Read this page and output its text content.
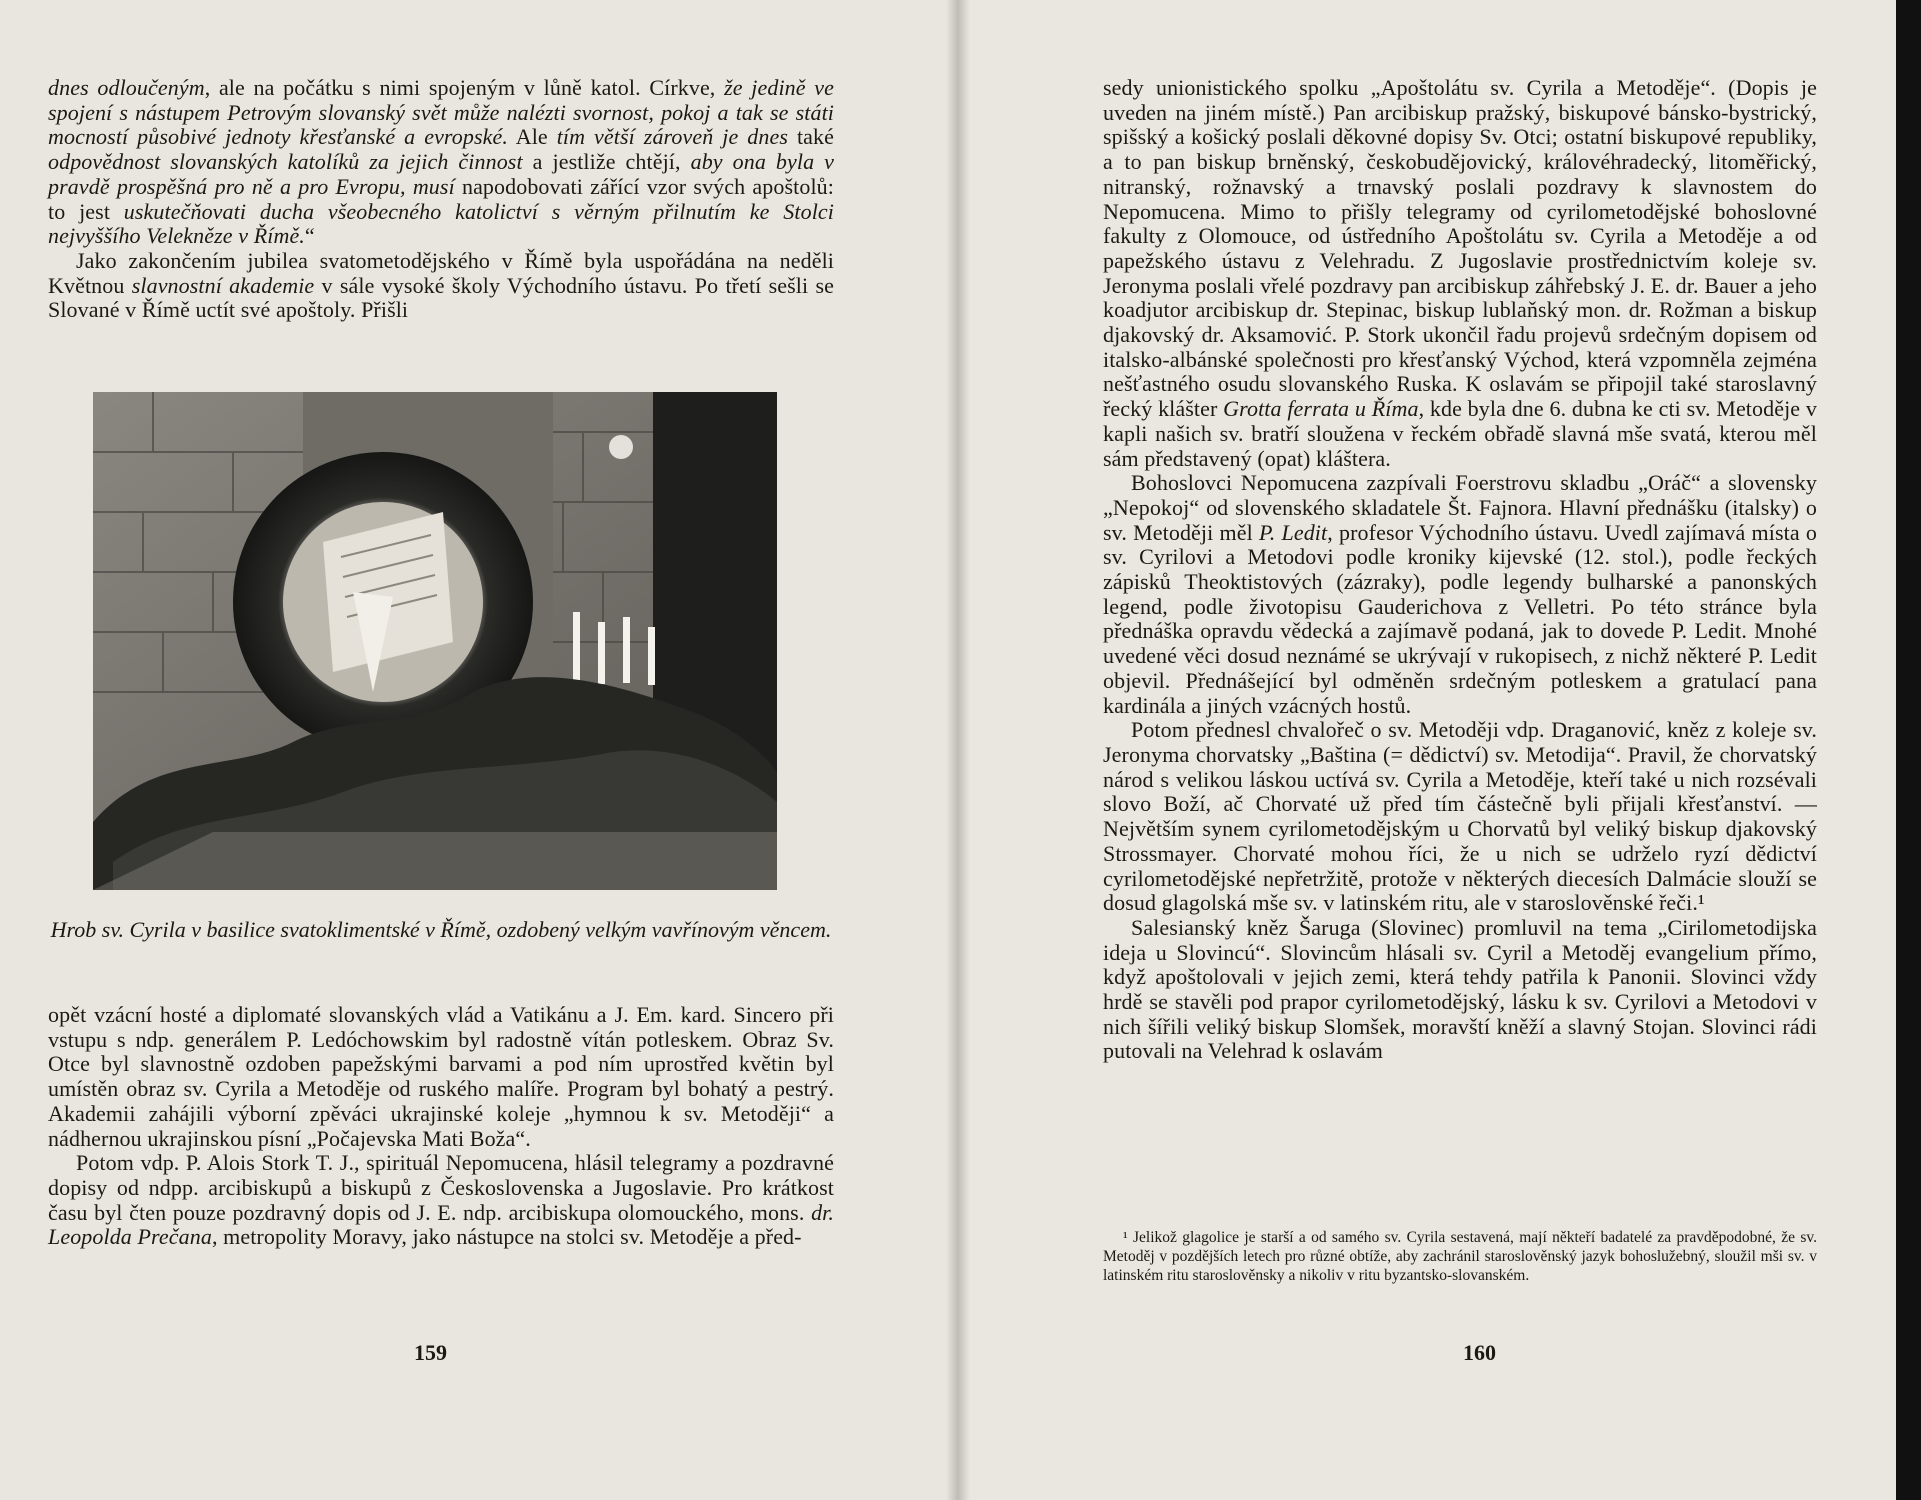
dnes odloučeným, ale na počátku s nimi spojeným v lůně katol. Církve, že jedině ve spojení s nástupem Petrovým slovanský svět může nalézti svornost, pokoj a tak se státi mocností působivé jednoty křesťanské a evropské. Ale tím větší zároveň je dnes také odpovědnost slovanských katolíků za jejich činnost a jestliže chtějí, aby ona byla v pravdě prospěšná pro ně a pro Evropu, musí napodobovati zářící vzor svých apoštolů: to jest uskutečňovati ducha všeobecného katolictví s věrným přilnutím ke Stolci nejvyššího Velekněze v Římě.“

Jako zakončením jubilea svatometodějského v Římě byla uspořádána na neděli Květnou slavnostní akademie v sále vysoké školy Východního ústavu. Po třetí sešli se Slované v Římě uctít své apoštoly. Přišli

Hrob sv. Cyrila v basilice svatoklimentské v Římě, ozdobený velkým vavřínovým věncem.

opět vzácní hosté a diplomaté slovanských vlád a Vatikánu a J. Em. kard. Sincero při vstupu s ndp. generálem P. Ledóchowskim byl radostně vítán potleskem. Obraz Sv. Otce byl slavnostně ozdoben papežskými barvami a pod ním uprostřed květin byl umístěn obraz sv. Cyrila a Metoděje od ruského malíře. Program byl bohatý a pestrý. Akademii zahájili výborní zpěváci ukrajinské koleje „hymnou k sv. Metoději“ a nádhernou ukrajinskou písní „Počajevska Mati Boža“.

Potom vdp. P. Alois Stork T. J., spirituál Nepomucena, hlásil telegramy a pozdravné dopisy od ndpp. arcibiskupů a biskupů z Československa a Jugoslavie. Pro krátkost času byl čten pouze pozdravný dopis od J. E. ndp. arcibiskupa olomouckého, mons. dr. Leopolda Prečana, metropolity Moravy, jako nástupce na stolci sv. Metoděje a před-

159

sedy unionistického spolku „Apoštolátu sv. Cyrila a Metoděje“. (Dopis je uveden na jiném místě.) Pan arcibiskup pražský, biskupové bánsko-bystrický, spišský a košický poslali děkovné dopisy Sv. Otci; ostatní biskupové republiky, a to pan biskup brněnský, českobudějovický, královéhradecký, litoměřický, nitranský, rožnavský a trnavský poslali pozdravy k slavnostem do Nepomucena. Mimo to přišly telegramy od cyrilometodějské bohoslovné fakulty z Olomouce, od ústředního Apoštolátu sv. Cyrila a Metoděje a od papežského ústavu z Velehradu. Z Jugoslavie prostřednictvím koleje sv. Jeronyma poslali vřelé pozdravy pan arcibiskup záhřebský J. E. dr. Bauer a jeho koadjutor arcibiskup dr. Stepinac, biskup lublaňský mon. dr. Rožman a biskup djakovský dr. Aksamović. P. Stork ukončil řadu projevů srdečným dopisem od italsko-albánské společnosti pro křesťanský Východ, která vzpomněla zejména nešťastného osudu slovanského Ruska. K oslavám se připojil také staroslavný řecký klášter Grotta ferrata u Říma, kde byla dne 6. dubna ke cti sv. Metoděje v kapli našich sv. bratří sloužena v řeckém obřadě slavná mše svatá, kterou měl sám představený (opat) kláštera.

Bohoslovci Nepomucena zazpívali Foerstrovu skladbu „Oráč“ a slovensky „Nepokoj“ od slovenského skladatele Št. Fajnora. Hlavní přednášku (italsky) o sv. Metoději měl P. Ledit, profesor Východního ústavu. Uvedl zajímavá místa o sv. Cyrilovi a Metodovi podle kroniky kijevské (12. stol.), podle řeckých zápisků Theoktistových (zázraky), podle legendy bulharské a panonských legend, podle životopisu Gauderichova z Velletri. Po této stránce byla přednáška opravdu vědecká a zajímavě podaná, jak to dovede P. Ledit. Mnohé uvedené věci dosud neznámé se ukrývají v rukopisech, z nichž některé P. Ledit objevil. Přednášející byl odměněn srdečným potleskem a gratulací pana kardinála a jiných vzácných hostů.

Potom přednesl chvalořeč o sv. Metoději vdp. Draganović, kněz z koleje sv. Jeronyma chorvatsky „Baština (= dědictví) sv. Metodija“. Pravil, že chorvatský národ s velikou láskou uctívá sv. Cyrila a Metoděje, kteří také u nich rozsévali slovo Boží, ač Chorvaté už před tím částečně byli přijali křesťanství. — Největším synem cyrilometodějským u Chorvatů byl veliký biskup djakovský Strossmayer. Chorvaté mohou říci, že u nich se udrželo ryzí dědictví cyrilometodějské nepřetržitě, protože v některých diecesích Dalmácie slouží se dosud glagolská mše sv. v latinském ritu, ale v staroslověnské řeči.¹

Salesianský kněz Šaruga (Slovinec) promluvil na tema „Cirilometodijska ideja u Slovincú“. Slovincům hlásali sv. Cyril a Metoděj evangelium přímo, když apoštolovali v jejich zemi, která tehdy patřila k Panonii. Slovinci vždy hrdě se stavěli pod prapor cyrilometodějský, lásku k sv. Cyrilovi a Metodovi v nich šířili veliký biskup Slomšek, moravští kněží a slavný Stojan. Slovinci rádi putovali na Velehrad k oslavám

¹ Jelikož glagolice je starší a od samého sv. Cyrila sestavená, mají někteří badatelé za pravděpodobné, že sv. Metoděj v pozdějších letech pro různé obtíže, aby zachránil staroslověnský jazyk bohoslužebný, sloužil mši sv. v latinském ritu staroslověnsky a nikoliv v ritu byzantsko-slovanském.

160
